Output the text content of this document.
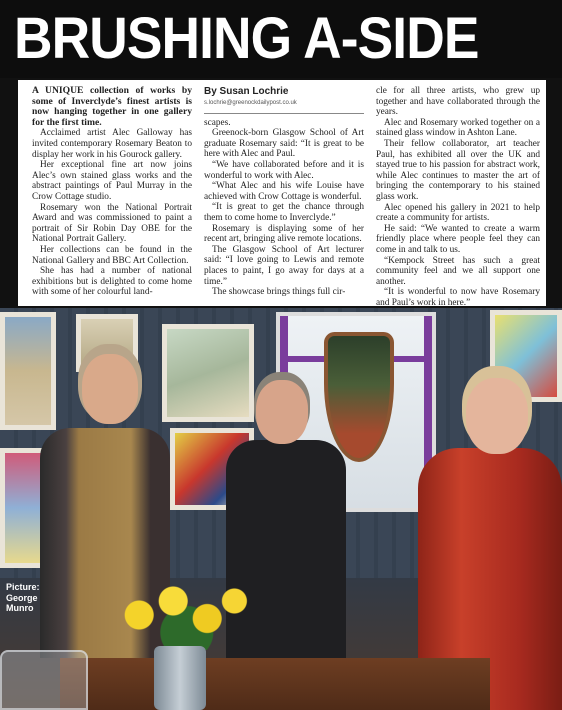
BRUSHING A-SIDE

A UNIQUE collection of works by some of Inverclyde’s finest artists is now hanging together in one gallery for the first time.

Acclaimed artist Alec Galloway has invited contemporary Rosemary Beaton to display her work in his Gourock gallery.

Her exceptional fine art now joins Alec’s own stained glass works and the abstract paintings of Paul Murray in the Crow Cottage studio.

Rosemary won the National Portrait Award and was commissioned to paint a portrait of Sir Robin Day OBE for the National Portrait Gallery.

Her collections can be found in the National Gallery and BBC Art Collection.

She has had a number of national exhibitions but is delighted to come home with some of her colourful land-

By Susan Lochrie
s.lochrie@greenockdailypost.co.uk

scapes.

Greenock-born Glasgow School of Art graduate Rosemary said: “It is great to be here with Alec and Paul.

“We have collaborated before and it is wonderful to work with Alec.

“What Alec and his wife Louise have achieved with Crow Cottage is wonderful.

“It is great to get the chance through them to come home to Inverclyde.”

Rosemary is displaying some of her recent art, bringing alive remote locations.

The Glasgow School of Art lecturer said: “I love going to Lewis and remote places to paint, I go away for days at a time.”

The showcase brings things full cir-

cle for all three artists, who grew up together and have collaborated through the years.

Alec and Rosemary worked together on a stained glass window in Ashton Lane.

Their fellow collaborator, art teacher Paul, has exhibited all over the UK and stayed true to his passion for abstract work, while Alec continues to master the art of bringing the contemporary to his stained glass work.

Alec opened his gallery in 2021 to help create a community for artists.

He said: “We wanted to create a warm friendly place where people feel they can come in and talk to us.

“Kempock Street has such a great community feel and we all support one another.

“It is wonderful to now have Rosemary and Paul’s work in here.”

Picture: George Munro
